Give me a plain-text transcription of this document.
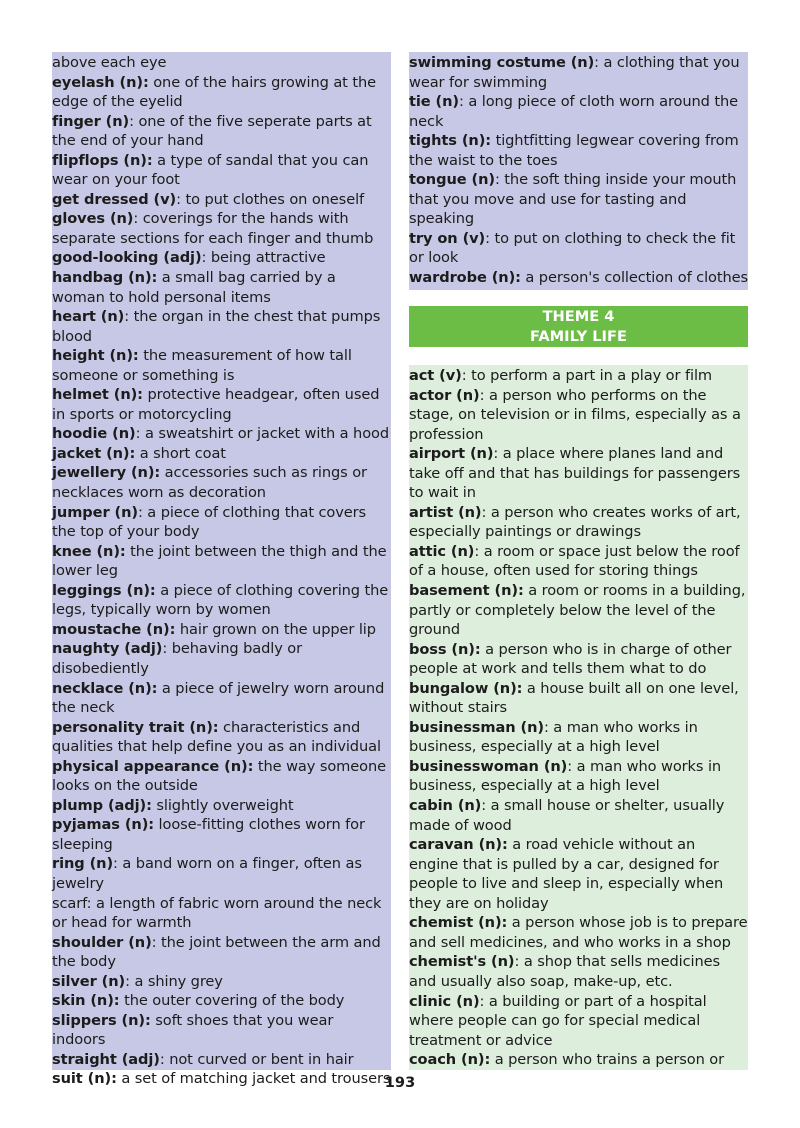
above each eye

eyelash (n): one of the hairs growing at the edge of the eyelid

finger (n): one of the five seperate parts at the end of your hand

flipflops (n): a type of sandal that you can wear on your foot

get dressed (v): to put clothes on oneself

gloves (n): coverings for the hands with separate sections for each finger and thumb

good-looking (adj): being attractive

handbag (n): a small bag carried by a woman to hold personal items

heart (n): the organ in the chest that pumps blood

height (n): the measurement of how tall someone or something is

helmet (n): protective headgear, often used in sports or motorcycling

hoodie (n): a sweatshirt or jacket with a hood

jacket (n): a short coat

jewellery (n): accessories such as rings or necklaces worn as decoration

jumper (n): a piece of clothing that covers the top of your body

knee (n): the joint between the thigh and the lower leg

leggings (n): a piece of clothing covering the legs, typically worn by women

moustache (n): hair grown on the upper lip

naughty (adj): behaving badly or disobediently

necklace (n): a piece of jewelry worn around the neck

personality trait (n): characteristics and qualities that help define you as an individual

physical appearance (n): the way someone looks on the outside

plump (adj): slightly overweight

pyjamas (n): loose-fitting clothes worn for sleeping

ring (n): a band worn on a finger, often as jewelry

scarf: a length of fabric worn around the neck or head for warmth

shoulder (n): the joint between the arm and the body

silver (n): a shiny grey

skin (n): the outer covering of the body

slippers (n): soft shoes that you wear indoors

straight (adj): not curved or bent in hair

suit (n): a set of matching jacket and trousers

swimming costume (n): a clothing that you wear for swimming

tie (n): a long piece of cloth worn around the neck

tights (n): tightfitting legwear covering from the waist to the toes

tongue (n): the soft thing inside your mouth that you move and use for tasting and speaking

try on (v): to put on clothing to check the fit or look

wardrobe (n): a person's collection of clothes

THEME 4
FAMILY LIFE

act (v): to perform a part in a play or film

actor (n): a person who performs on the stage, on television or in films, especially as a profession

airport (n): a place where planes land and take off and that has buildings for passengers to wait in

artist (n): a person who creates works of art, especially paintings or drawings

attic (n): a room or space just below the roof of a house, often used for storing things

basement (n): a room or rooms in a building, partly or completely below the level of the ground

boss (n): a person who is in charge of other people at work and tells them what to do

bungalow (n): a house built all on one level, without stairs

businessman (n): a man who works in business, especially at a high level

businesswoman (n): a man who works in business, especially at a high level

cabin (n): a small house or shelter, usually made of wood

caravan (n): a road vehicle without an engine that is pulled by a car, designed for people to live and sleep in, especially when they are on holiday

chemist (n): a person whose job is to prepare and sell medicines, and who works in a shop

chemist's (n): a shop that sells medicines and usually also soap, make-up, etc.

clinic (n): a building or part of a hospital where people can go for special medical treatment or advice

coach (n): a person who trains a person or

193
